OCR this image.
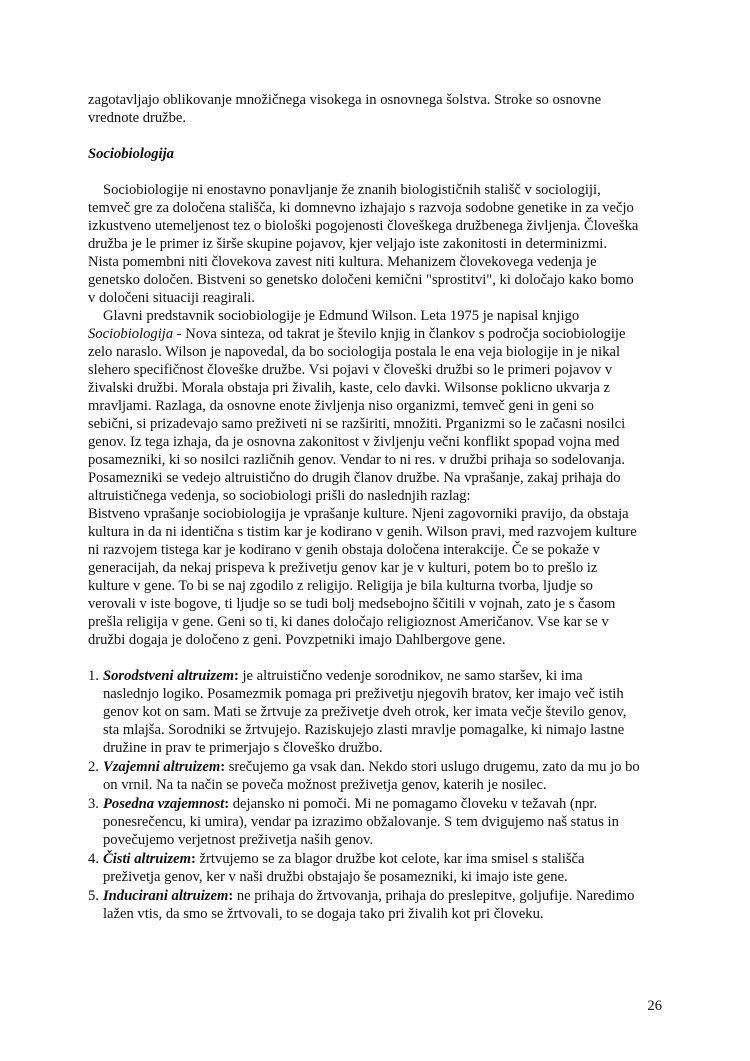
zagotavljajo oblikovanje množičnega visokega in osnovnega šolstva. Stroke so osnovne
vrednote družbe.

Sociobiologija

Sociobiologije ni enostavno ponavljanje že znanih biologističnih stališč v sociologiji,
temveč gre za določena stališča, ki domnevno izhajajo s razvoja sodobne genetike in za večjo
izkustveno utemeljenost tez o biološki pogojenosti človeškega družbenega življenja. Človeška
družba je le primer iz širše skupine pojavov, kjer veljajo iste zakonitosti in determinizmi.
Nista pomembni niti človekova zavest niti kultura. Mehanizem človekovega vedenja je
genetsko določen. Bistveni so genetsko določeni kemični "sprostitvi", ki določajo kako bomo
v določeni situaciji reagirali.

Glavni predstavnik sociobiologije je Edmund Wilson. Leta 1975 je napisal knjigo
Sociobiologija - Nova sinteza, od takrat je število knjig in člankov s področja sociobiologije
zelo naraslo. Wilson je napovedal, da bo sociologija postala le ena veja biologije in je nikal
slehero specifičnost človeške družbe. Vsi pojavi v človeški družbi so le primeri pojavov v
živalski družbi. Morala obstaja pri živalih, kaste, celo davki. Wilsonse poklicno ukvarja z
mravljami. Razlaga, da osnovne enote življenja niso organizmi, temveč geni in geni so
sebični, si prizadevajo samo preživeti ni se razširiti, množiti. Prganizmi so le začasni nosilci
genov. Iz tega izhaja, da je osnovna zakonitost v življenju večni konflikt spopad vojna med
posamezniki, ki so nosilci različnih genov. Vendar to ni res. v družbi prihaja so sodelovanja.
Posamezniki se vedejo altruistično do drugih članov družbe. Na vprašanje, zakaj prihaja do
altruističnega vedenja, so sociobiologi prišli do naslednjih razlag:

Bistveno vprašanje sociobiologija je vprašanje kulture. Njeni zagovorniki pravijo, da obstaja
kultura in da ni identična s tistim kar je kodirano v genih. Wilson pravi, med razvojem kulture
ni razvojem tistega kar je kodirano v genih obstaja določena interakcije. Če se pokaže v
generacijah, da nekaj prispeva k preživetju genov kar je v kulturi, potem bo to prešlo iz
kulture v gene. To bi se naj zgodilo z religijo. Religija je bila kulturna tvorba, ljudje so
verovali v iste bogove, ti ljudje so se tudi bolj medsebojno ščitili v vojnah, zato je s časom
prešla religija v gene. Geni so ti, ki danes določajo religioznost Američanov. Vse kar se v
družbi dogaja je določeno z geni. Povzpetniki imajo Dahlbergove gene.

1. Sorodstveni altruizem: je altruistično vedenje sorodnikov, ne samo staršev, ki ima
naslednjo logiko. Posamezmik pomaga pri preživetju njegovih bratov, ker imajo več istih
genov kot on sam. Mati se žrtvuje za preživetje dveh otrok, ker imata večje število genov,
sta mlajša. Sorodniki se žrtvujejo. Raziskujejo zlasti mravlje pomagalke, ki nimajo lastne
družine in prav te primerjajo s človeško družbo.
2. Vzajemni altruizem: srečujemo ga vsak dan. Nekdo stori uslugo drugemu, zato da mu jo bo
on vrnil. Na ta način se poveča možnost preživetja genov, katerih je nosilec.
3. Posedna vzajemnost: dejansko ni pomoči. Mi ne pomagamo človeku v težavah (npr.
ponesrečencu, ki umira), vendar pa izrazimo obžalovanje. S tem dvigujemo naš status in
povečujemo verjetnost preživetja naših genov.
4. Čisti altruizem: žrtvujemo se za blagor družbe kot celote, kar ima smisel s stališča
preživetja genov, ker v naši družbi obstajajo še posamezniki, ki imajo iste gene.
5. Inducirani altruizem: ne prihaja do žrtvovanja, prihaja do preslepitve, goljufije. Naredimo
lažen vtis, da smo se žrtvovali, to se dogaja tako pri živalih kot pri človeku.
26
